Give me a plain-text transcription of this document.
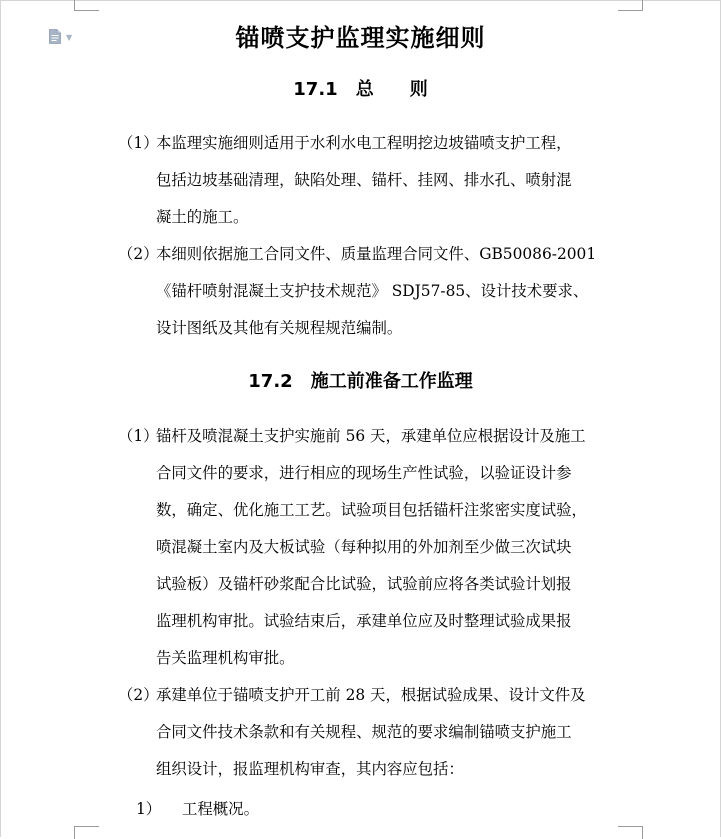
▼	锚喷支护监理实施细则
17.1　总　　则
（1）本监理实施细则适用于水利水电工程明挖边坡锚喷支护工程，
包括边坡基础清理，缺陷处理、锚杆、挂网、排水孔、喷射混
凝土的施工。
（2）本细则依据施工合同文件、质量监理合同文件、GB50086-2001
《锚杆喷射混凝土支护技术规范》 SDJ57-85、设计技术要求、
设计图纸及其他有关规程规范编制。
17.2　施工前准备工作监理
（1）锚杆及喷混凝土支护实施前 56 天，承建单位应根据设计及施工
合同文件的要求，进行相应的现场生产性试验，以验证设计参
数，确定、优化施工工艺。试验项目包括锚杆注浆密实度试验，
喷混凝土室内及大板试验（每种拟用的外加剂至少做三次试块
试验板）及锚杆砂浆配合比试验，试验前应将各类试验计划报
监理机构审批。试验结束后，承建单位应及时整理试验成果报
告关监理机构审批。
（2）承建单位于锚喷支护开工前 28 天，根据试验成果、设计文件及
合同文件技术条款和有关规程、规范的要求编制锚喷支护施工
组织设计，报监理机构审查，其内容应包括：
1） 工程概况。
